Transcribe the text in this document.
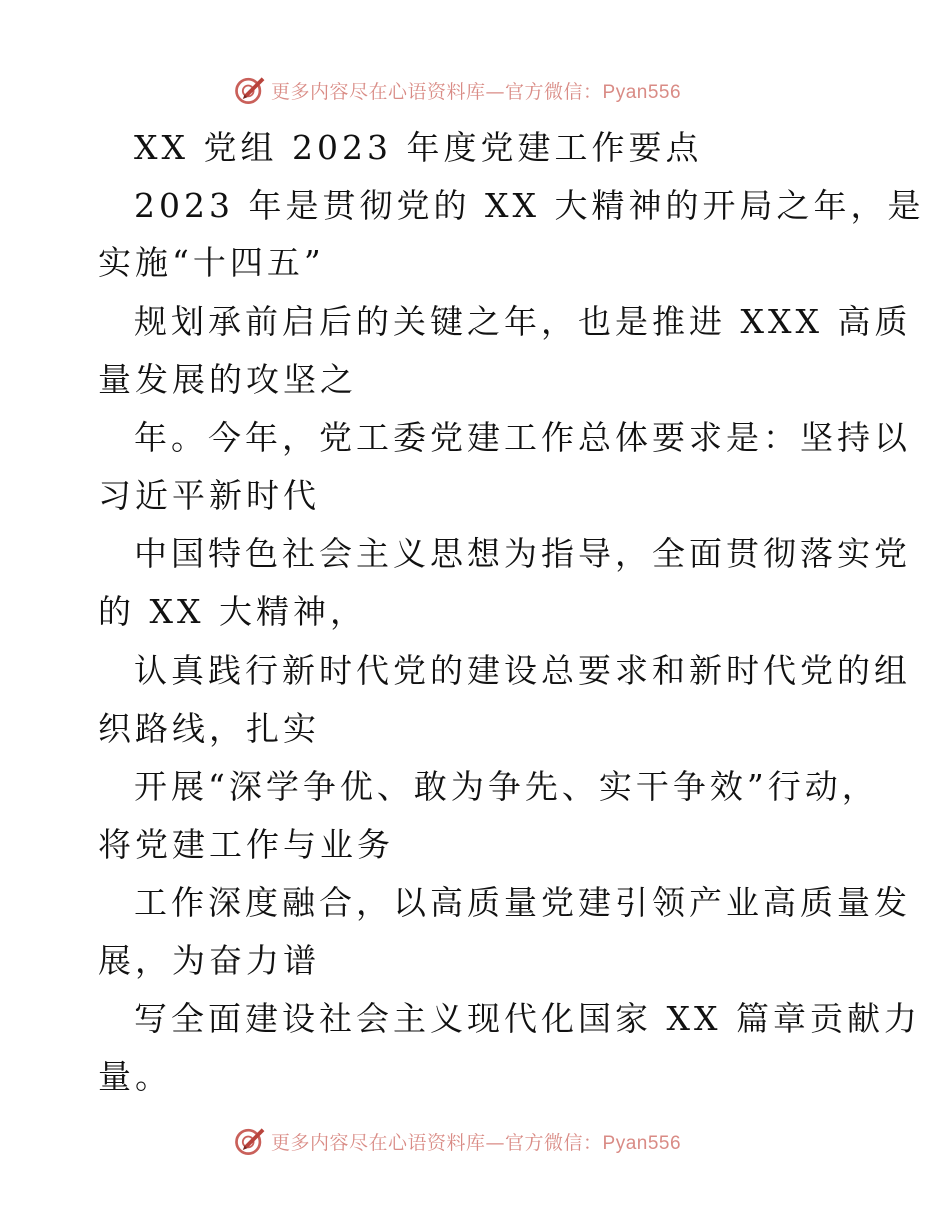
更多内容尽在心语资料库—官方微信：Pyan556
XX 党组 2023 年度党建工作要点
2023 年是贯彻党的 XX 大精神的开局之年，是
实施“十四五”
规划承前启后的关键之年，也是推进 XXX 高质
量发展的攻坚之
年。今年，党工委党建工作总体要求是：坚持以
习近平新时代
中国特色社会主义思想为指导，全面贯彻落实党
的 XX 大精神，
认真践行新时代党的建设总要求和新时代党的组
织路线，扎实
开展“深学争优、敢为争先、实干争效”行动，
将党建工作与业务
工作深度融合，以高质量党建引领产业高质量发
展，为奋力谱
写全面建设社会主义现代化国家 XX 篇章贡献力
量。
更多内容尽在心语资料库—官方微信：Pyan556
